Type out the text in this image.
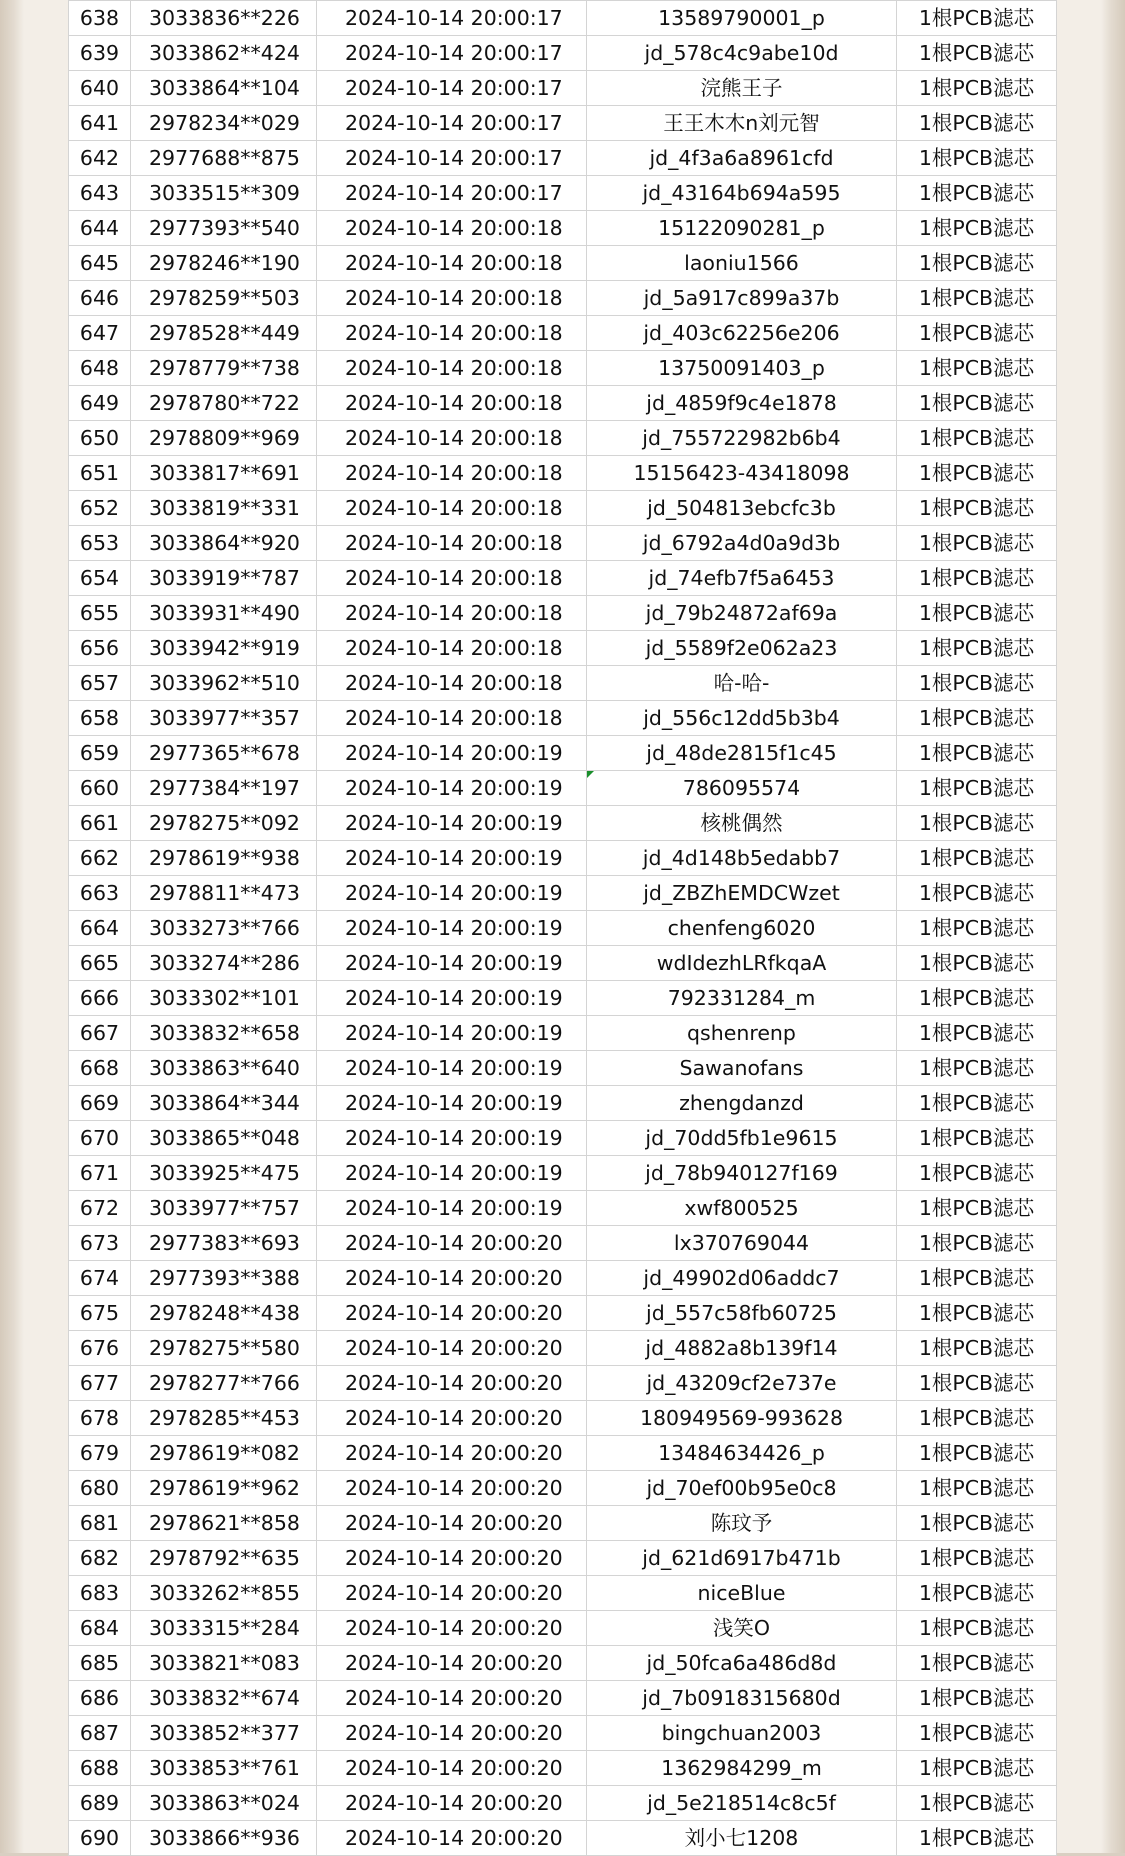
638	3033836**226	2024-10-14 20:00:17	13589790001_p	1根PCB滤芯
639	3033862**424	2024-10-14 20:00:17	jd_578c4c9abe10d	1根PCB滤芯
640	3033864**104	2024-10-14 20:00:17	浣熊王子	1根PCB滤芯
641	2978234**029	2024-10-14 20:00:17	王王木木n刘元智	1根PCB滤芯
642	2977688**875	2024-10-14 20:00:17	jd_4f3a6a8961cfd	1根PCB滤芯
643	3033515**309	2024-10-14 20:00:17	jd_43164b694a595	1根PCB滤芯
644	2977393**540	2024-10-14 20:00:18	15122090281_p	1根PCB滤芯
645	2978246**190	2024-10-14 20:00:18	laoniu1566	1根PCB滤芯
646	2978259**503	2024-10-14 20:00:18	jd_5a917c899a37b	1根PCB滤芯
647	2978528**449	2024-10-14 20:00:18	jd_403c62256e206	1根PCB滤芯
648	2978779**738	2024-10-14 20:00:18	13750091403_p	1根PCB滤芯
649	2978780**722	2024-10-14 20:00:18	jd_4859f9c4e1878	1根PCB滤芯
650	2978809**969	2024-10-14 20:00:18	jd_755722982b6b4	1根PCB滤芯
651	3033817**691	2024-10-14 20:00:18	15156423-43418098	1根PCB滤芯
652	3033819**331	2024-10-14 20:00:18	jd_504813ebcfc3b	1根PCB滤芯
653	3033864**920	2024-10-14 20:00:18	jd_6792a4d0a9d3b	1根PCB滤芯
654	3033919**787	2024-10-14 20:00:18	jd_74efb7f5a6453	1根PCB滤芯
655	3033931**490	2024-10-14 20:00:18	jd_79b24872af69a	1根PCB滤芯
656	3033942**919	2024-10-14 20:00:18	jd_5589f2e062a23	1根PCB滤芯
657	3033962**510	2024-10-14 20:00:18	哈-哈-	1根PCB滤芯
658	3033977**357	2024-10-14 20:00:18	jd_556c12dd5b3b4	1根PCB滤芯
659	2977365**678	2024-10-14 20:00:19	jd_48de2815f1c45	1根PCB滤芯
660	2977384**197	2024-10-14 20:00:19	786095574	1根PCB滤芯
661	2978275**092	2024-10-14 20:00:19	核桃偶然	1根PCB滤芯
662	2978619**938	2024-10-14 20:00:19	jd_4d148b5edabb7	1根PCB滤芯
663	2978811**473	2024-10-14 20:00:19	jd_ZBZhEMDCWzet	1根PCB滤芯
664	3033273**766	2024-10-14 20:00:19	chenfeng6020	1根PCB滤芯
665	3033274**286	2024-10-14 20:00:19	wdIdezhLRfkqaA	1根PCB滤芯
666	3033302**101	2024-10-14 20:00:19	792331284_m	1根PCB滤芯
667	3033832**658	2024-10-14 20:00:19	qshenrenp	1根PCB滤芯
668	3033863**640	2024-10-14 20:00:19	Sawanofans	1根PCB滤芯
669	3033864**344	2024-10-14 20:00:19	zhengdanzd	1根PCB滤芯
670	3033865**048	2024-10-14 20:00:19	jd_70dd5fb1e9615	1根PCB滤芯
671	3033925**475	2024-10-14 20:00:19	jd_78b940127f169	1根PCB滤芯
672	3033977**757	2024-10-14 20:00:19	xwf800525	1根PCB滤芯
673	2977383**693	2024-10-14 20:00:20	lx370769044	1根PCB滤芯
674	2977393**388	2024-10-14 20:00:20	jd_49902d06addc7	1根PCB滤芯
675	2978248**438	2024-10-14 20:00:20	jd_557c58fb60725	1根PCB滤芯
676	2978275**580	2024-10-14 20:00:20	jd_4882a8b139f14	1根PCB滤芯
677	2978277**766	2024-10-14 20:00:20	jd_43209cf2e737e	1根PCB滤芯
678	2978285**453	2024-10-14 20:00:20	180949569-993628	1根PCB滤芯
679	2978619**082	2024-10-14 20:00:20	13484634426_p	1根PCB滤芯
680	2978619**962	2024-10-14 20:00:20	jd_70ef00b95e0c8	1根PCB滤芯
681	2978621**858	2024-10-14 20:00:20	陈玟予	1根PCB滤芯
682	2978792**635	2024-10-14 20:00:20	jd_621d6917b471b	1根PCB滤芯
683	3033262**855	2024-10-14 20:00:20	niceBlue	1根PCB滤芯
684	3033315**284	2024-10-14 20:00:20	浅笑O	1根PCB滤芯
685	3033821**083	2024-10-14 20:00:20	jd_50fca6a486d8d	1根PCB滤芯
686	3033832**674	2024-10-14 20:00:20	jd_7b0918315680d	1根PCB滤芯
687	3033852**377	2024-10-14 20:00:20	bingchuan2003	1根PCB滤芯
688	3033853**761	2024-10-14 20:00:20	1362984299_m	1根PCB滤芯
689	3033863**024	2024-10-14 20:00:20	jd_5e218514c8c5f	1根PCB滤芯
690	3033866**936	2024-10-14 20:00:20	刘小七1208	1根PCB滤芯
